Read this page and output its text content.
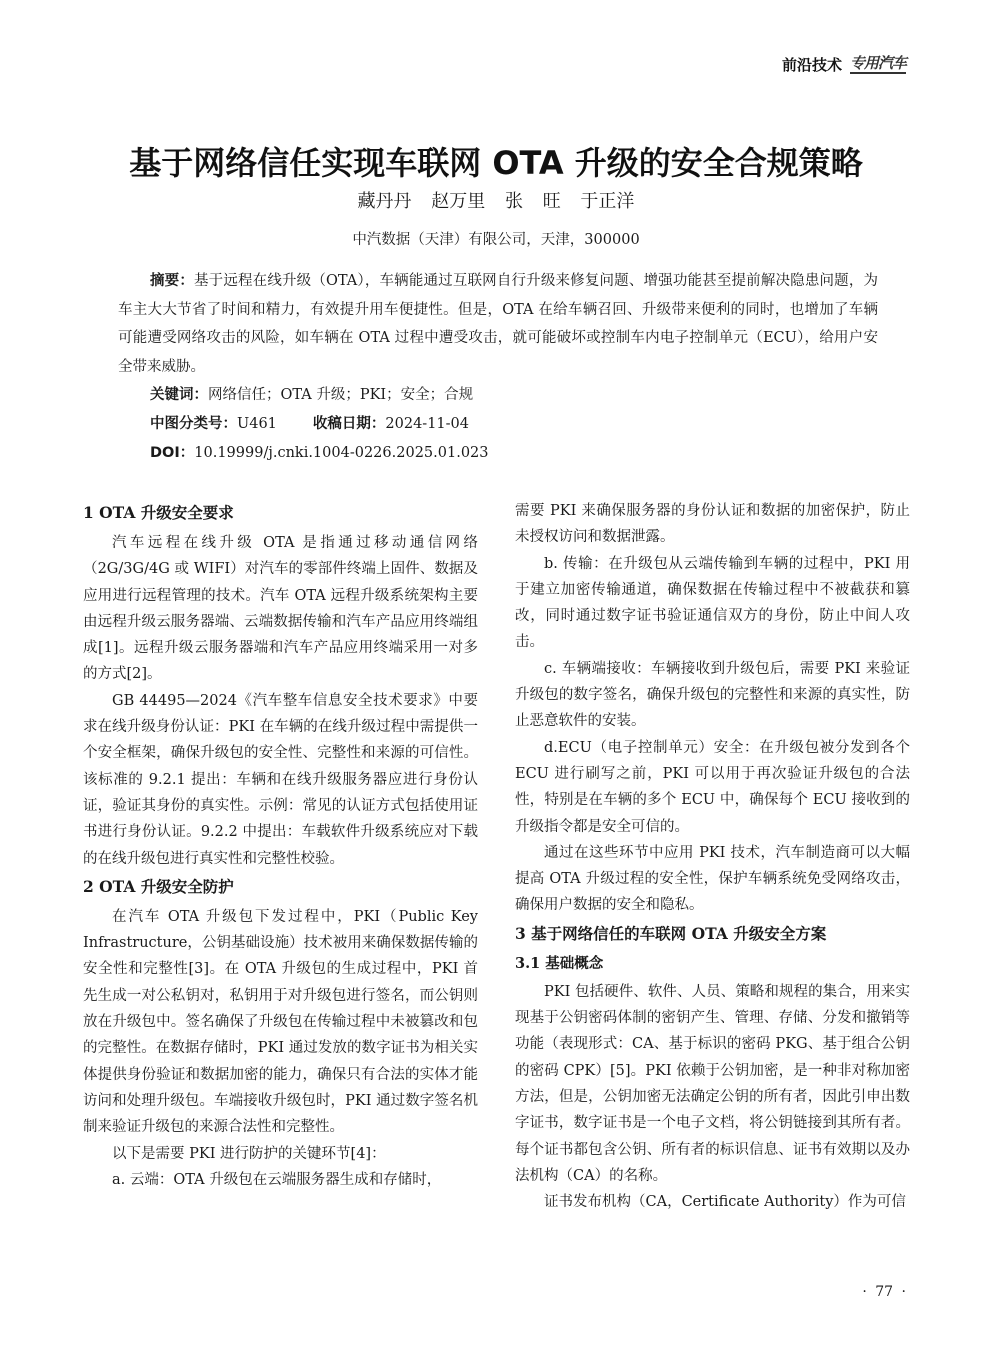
前沿技术 专用汽车
基于网络信任实现车联网 OTA 升级的安全合规策略
藏丹丹 赵万里 张 旺 于正洋
中汽数据（天津）有限公司，天津，300000

摘要：基于远程在线升级（OTA），车辆能通过互联网自行升级来修复问题、增强功能甚至提前解决隐患问题，为车主大大节省了时间和精力，有效提升用车便捷性。但是，OTA 在给车辆召回、升级带来便利的同时，也增加了车辆可能遭受网络攻击的风险，如车辆在 OTA 过程中遭受攻击，就可能破坏或控制车内电子控制单元（ECU），给用户安全带来威胁。

关键词：网络信任；OTA 升级；PKI；安全；合规

中图分类号：U461 收稿日期：2024-11-04

DOI：10.19999/j.cnki.1004-0226.2025.01.023

1 OTA 升级安全要求

汽车远程在线升级 OTA 是指通过移动通信网络（2G/3G/4G 或 WIFI）对汽车的零部件终端上固件、数据及应用进行远程管理的技术。汽车 OTA 远程升级系统架构主要由远程升级云服务器端、云端数据传输和汽车产品应用终端组成[1]。远程升级云服务器端和汽车产品应用终端采用一对多的方式[2]。

GB 44495—2024《汽车整车信息安全技术要求》中要求在线升级身份认证：PKI 在车辆的在线升级过程中需提供一个安全框架，确保升级包的安全性、完整性和来源的可信性。该标准的 9.2.1 提出：车辆和在线升级服务器应进行身份认证，验证其身份的真实性。示例：常见的认证方式包括使用证书进行身份认证。9.2.2 中提出：车载软件升级系统应对下载的在线升级包进行真实性和完整性校验。

2 OTA 升级安全防护

在汽车 OTA 升级包下发过程中，PKI（Public Key Infrastructure，公钥基础设施）技术被用来确保数据传输的安全性和完整性[3]。在 OTA 升级包的生成过程中，PKI 首先生成一对公私钥对，私钥用于对升级包进行签名，而公钥则放在升级包中。签名确保了升级包在传输过程中未被篡改和包的完整性。在数据存储时，PKI 通过发放的数字证书为相关实体提供身份验证和数据加密的能力，确保只有合法的实体才能访问和处理升级包。车端接收升级包时，PKI 通过数字签名机制来验证升级包的来源合法性和完整性。

以下是需要 PKI 进行防护的关键环节[4]：

a. 云端：OTA 升级包在云端服务器生成和存储时，

需要 PKI 来确保服务器的身份认证和数据的加密保护，防止未授权访问和数据泄露。

b. 传输：在升级包从云端传输到车辆的过程中，PKI 用于建立加密传输通道，确保数据在传输过程中不被截获和篡改，同时通过数字证书验证通信双方的身份，防止中间人攻击。

c. 车辆端接收：车辆接收到升级包后，需要 PKI 来验证升级包的数字签名，确保升级包的完整性和来源的真实性，防止恶意软件的安装。

d.ECU（电子控制单元）安全：在升级包被分发到各个 ECU 进行刷写之前，PKI 可以用于再次验证升级包的合法性，特别是在车辆的多个 ECU 中，确保每个 ECU 接收到的升级指令都是安全可信的。

通过在这些环节中应用 PKI 技术，汽车制造商可以大幅提高 OTA 升级过程的安全性，保护车辆系统免受网络攻击，确保用户数据的安全和隐私。

3 基于网络信任的车联网 OTA 升级安全方案
3.1 基础概念

PKI 包括硬件、软件、人员、策略和规程的集合，用来实现基于公钥密码体制的密钥产生、管理、存储、分发和撤销等功能（表现形式：CA、基于标识的密码 PKG、基于组合公钥的密码 CPK）[5]。PKI 依赖于公钥加密，是一种非对称加密方法，但是，公钥加密无法确定公钥的所有者，因此引申出数字证书，数字证书是一个电子文档，将公钥链接到其所有者。每个证书都包含公钥、所有者的标识信息、证书有效期以及办法机构（CA）的名称。

证书发布机构（CA，Certificate Authority）作为可信

· 77 ·
